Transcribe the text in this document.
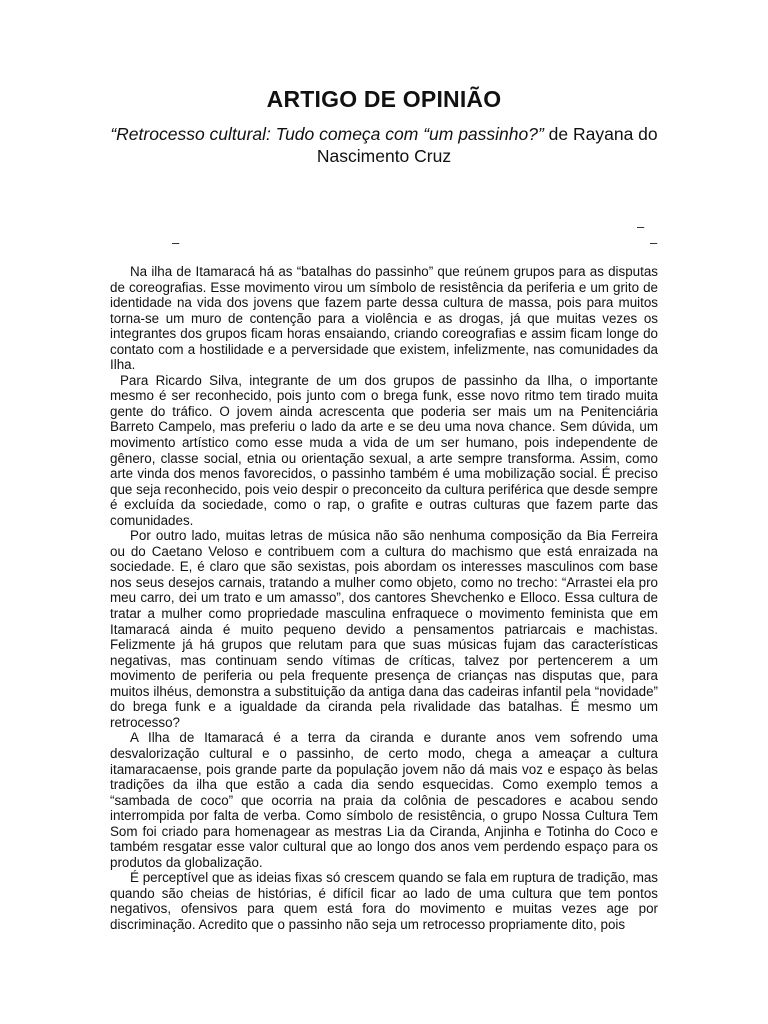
ARTIGO DE OPINIÃO
“Retrocesso cultural: Tudo começa com “um passinho?” de Rayana do Nascimento Cruz
–
–	–

Na ilha de Itamaracá há as “batalhas do passinho” que reúnem grupos para as disputas de coreografias. Esse movimento virou um símbolo de resistência da periferia e um grito de identidade na vida dos jovens que fazem parte dessa cultura de massa, pois para muitos torna-se um muro de contenção para a violência e as drogas, já que muitas vezes os integrantes dos grupos ficam horas ensaiando, criando coreografias e assim ficam longe do contato com a hostilidade e a perversidade que existem, infelizmente, nas comunidades da Ilha.

Para Ricardo Silva, integrante de um dos grupos de passinho da Ilha, o importante mesmo é ser reconhecido, pois junto com o brega funk, esse novo ritmo tem tirado muita gente do tráfico. O jovem ainda acrescenta que poderia ser mais um na Penitenciária Barreto Campelo, mas preferiu o lado da arte e se deu uma nova chance. Sem dúvida, um movimento artístico como esse muda a vida de um ser humano, pois independente de gênero, classe social, etnia ou orientação sexual, a arte sempre transforma. Assim, como arte vinda dos menos favorecidos, o passinho também é uma mobilização social. É preciso que seja reconhecido, pois veio despir o preconceito da cultura periférica que desde sempre é excluída da sociedade, como o rap, o grafite e outras culturas que fazem parte das comunidades.

Por outro lado, muitas letras de música não são nenhuma composição da Bia Ferreira ou do Caetano Veloso e contribuem com a cultura do machismo que está enraizada na sociedade. E, é claro que são sexistas, pois abordam os interesses masculinos com base nos seus desejos carnais, tratando a mulher como objeto, como no trecho: “Arrastei ela pro meu carro, dei um trato e um amasso”, dos cantores Shevchenko e Elloco. Essa cultura de tratar a mulher como propriedade masculina enfraquece o movimento feminista que em Itamaracá ainda é muito pequeno devido a pensamentos patriarcais e machistas. Felizmente já há grupos que relutam para que suas músicas fujam das características negativas, mas continuam sendo vítimas de críticas, talvez por pertencerem a um movimento de periferia ou pela frequente presença de crianças nas disputas que, para muitos ilhéus, demonstra a substituição da antiga dana das cadeiras infantil pela “novidade” do brega funk e a igualdade da ciranda pela rivalidade das batalhas. É mesmo um retrocesso?

A Ilha de Itamaracá é a terra da ciranda e durante anos vem sofrendo uma desvalorização cultural e o passinho, de certo modo, chega a ameaçar a cultura itamaracaense, pois grande parte da população jovem não dá mais voz e espaço às belas tradições da ilha que estão a cada dia sendo esquecidas. Como exemplo temos a “sambada de coco” que ocorria na praia da colônia de pescadores e acabou sendo interrompida por falta de verba. Como símbolo de resistência, o grupo Nossa Cultura Tem Som foi criado para homenagear as mestras Lia da Ciranda, Anjinha e Totinha do Coco e também resgatar esse valor cultural que ao longo dos anos vem perdendo espaço para os produtos da globalização.

É perceptível que as ideias fixas só crescem quando se fala em ruptura de tradição, mas quando são cheias de histórias, é difícil ficar ao lado de uma cultura que tem pontos negativos, ofensivos para quem está fora do movimento e muitas vezes age por discriminação. Acredito que o passinho não seja um retrocesso propriamente dito, pois
